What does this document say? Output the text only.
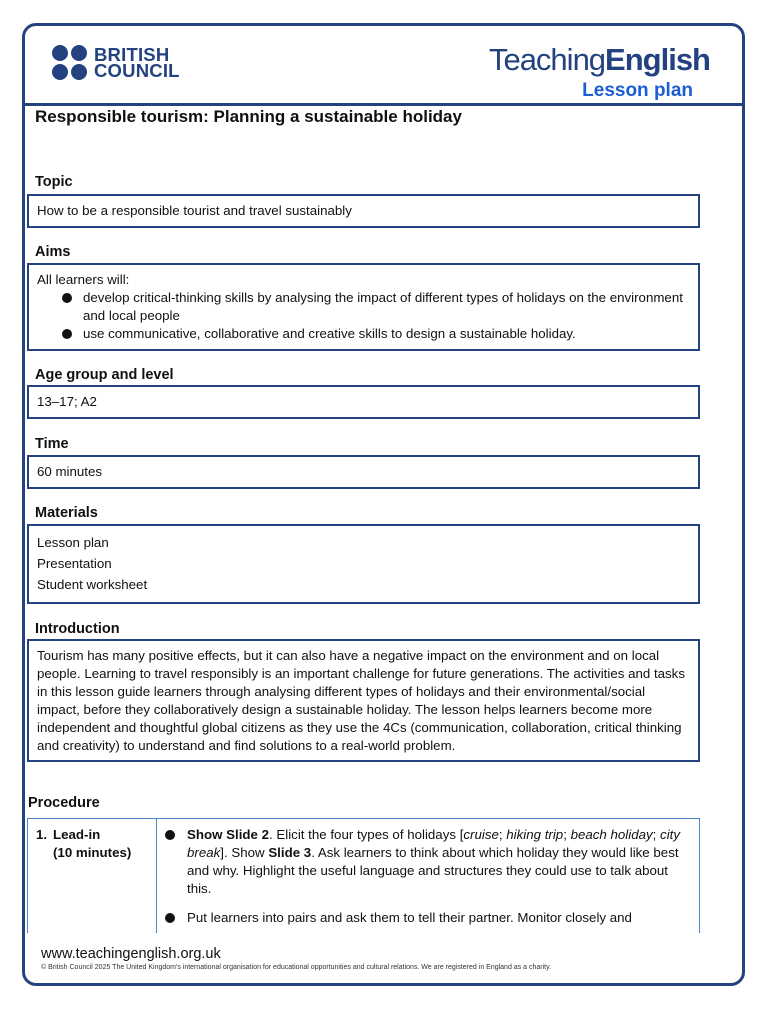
BRITISH
COUNCIL	TeachingEnglish
Lesson plan
Responsible tourism: Planning a sustainable holiday
Topic

How to be a responsible tourist and travel sustainably

Aims

All learners will:

develop critical-thinking skills by analysing the impact of different types of holidays on the environment and local people
use communicative, collaborative and creative skills to design a sustainable holiday.
Age group and level

13–17; A2

Time

60 minutes

Materials

Lesson plan

Presentation

Student worksheet

Introduction

Tourism has many positive effects, but it can also have a negative impact on the environment and on local people. Learning to travel responsibly is an important challenge for future generations. The activities and tasks in this lesson guide learners through analysing different types of holidays and their environmental/social impact, before they collaboratively design a sustainable holiday. The lesson helps learners become more independent and thoughtful global citizens as they use the 4Cs (communication, collaboration, critical thinking and creativity) to understand and find solutions to a real-world problem.

Procedure
1. Lead-in
(10 minutes)
Show Slide 2. Elicit the four types of holidays [cruise; hiking trip; beach holiday; city break]. Show Slide 3. Ask learners to think about which holiday they would like best and why. Highlight the useful language and structures they could use to talk about this.
Put learners into pairs and ask them to tell their partner. Monitor closely and
www.teachingenglish.org.uk
© British Council 2025 The United Kingdom's international organisation for educational opportunities and cultural relations. We are registered in England as a charity.
